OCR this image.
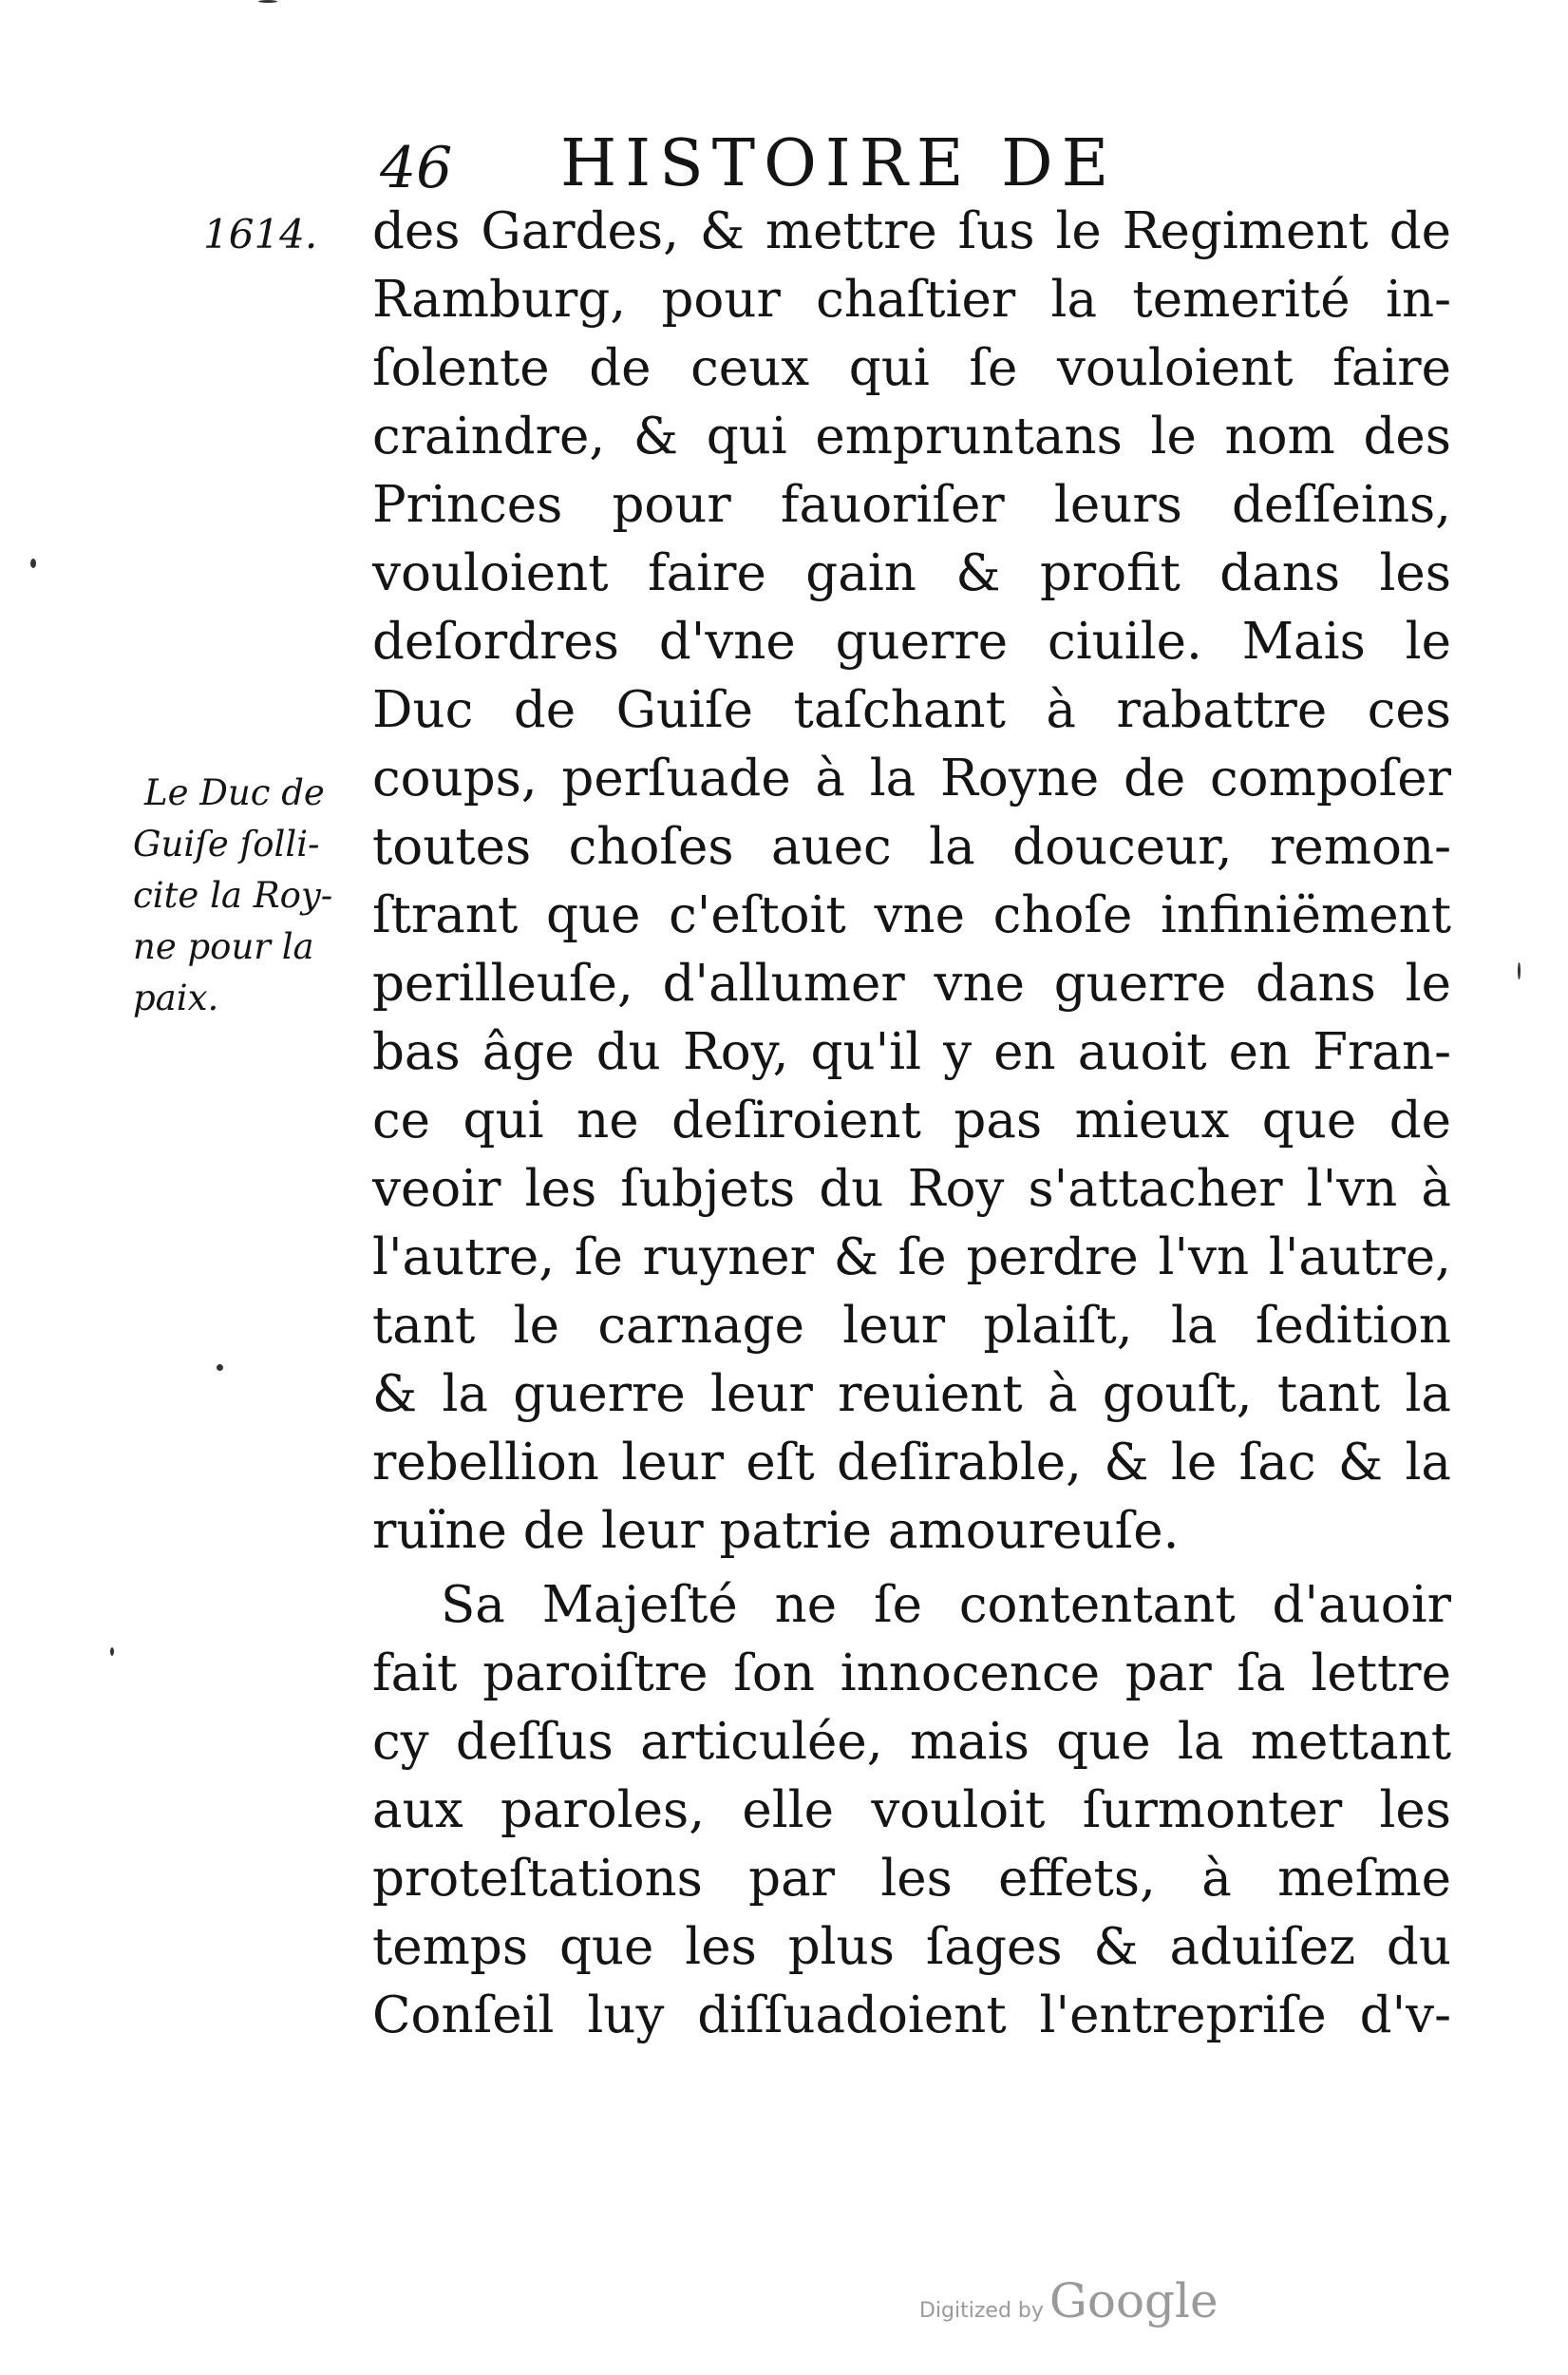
46	HISTOIRE DE
1614. des Gardes, & mettre ſus le Regiment de
Ramburg, pour chaſtier la temerité in-
ſolente de ceux qui ſe vouloient faire
craindre, & qui empruntans le nom des
Princes pour fauoriſer leurs deſſeins,
vouloient faire gain & profit dans les
deſordres d'vne guerre ciuile. Mais le
Duc de Guiſe taſchant à rabattre ces
coups, perſuade à la Royne de compoſer
toutes choſes auec la douceur, remon-
ſtrant que c'eſtoit vne choſe infiniëment
perilleuſe, d'allumer vne guerre dans le
bas âge du Roy, qu'il y en auoit en Fran-
ce qui ne deſiroient pas mieux que de
veoir les ſubjets du Roy s'attacher l'vn à
l'autre, ſe ruyner & ſe perdre l'vn l'autre,
tant le carnage leur plaiſt, la ſedition
& la guerre leur reuient à gouſt, tant la
rebellion leur eſt deſirable, & le ſac & la
ruïne de leur patrie amoureuſe.
Sa Majeſté ne ſe contentant d'auoir
fait paroiſtre ſon innocence par ſa lettre
cy deſſus articulée, mais que la mettant
aux paroles, elle vouloit ſurmonter les
proteſtations par les effets, à meſme
temps que les plus ſages & aduiſez du
Conſeil luy diſſuadoient l'entrepriſe d'v-
Le Duc de
Guiſe ſolli-
cite la Roy-
ne pour la
paix.
Digitized by Google
